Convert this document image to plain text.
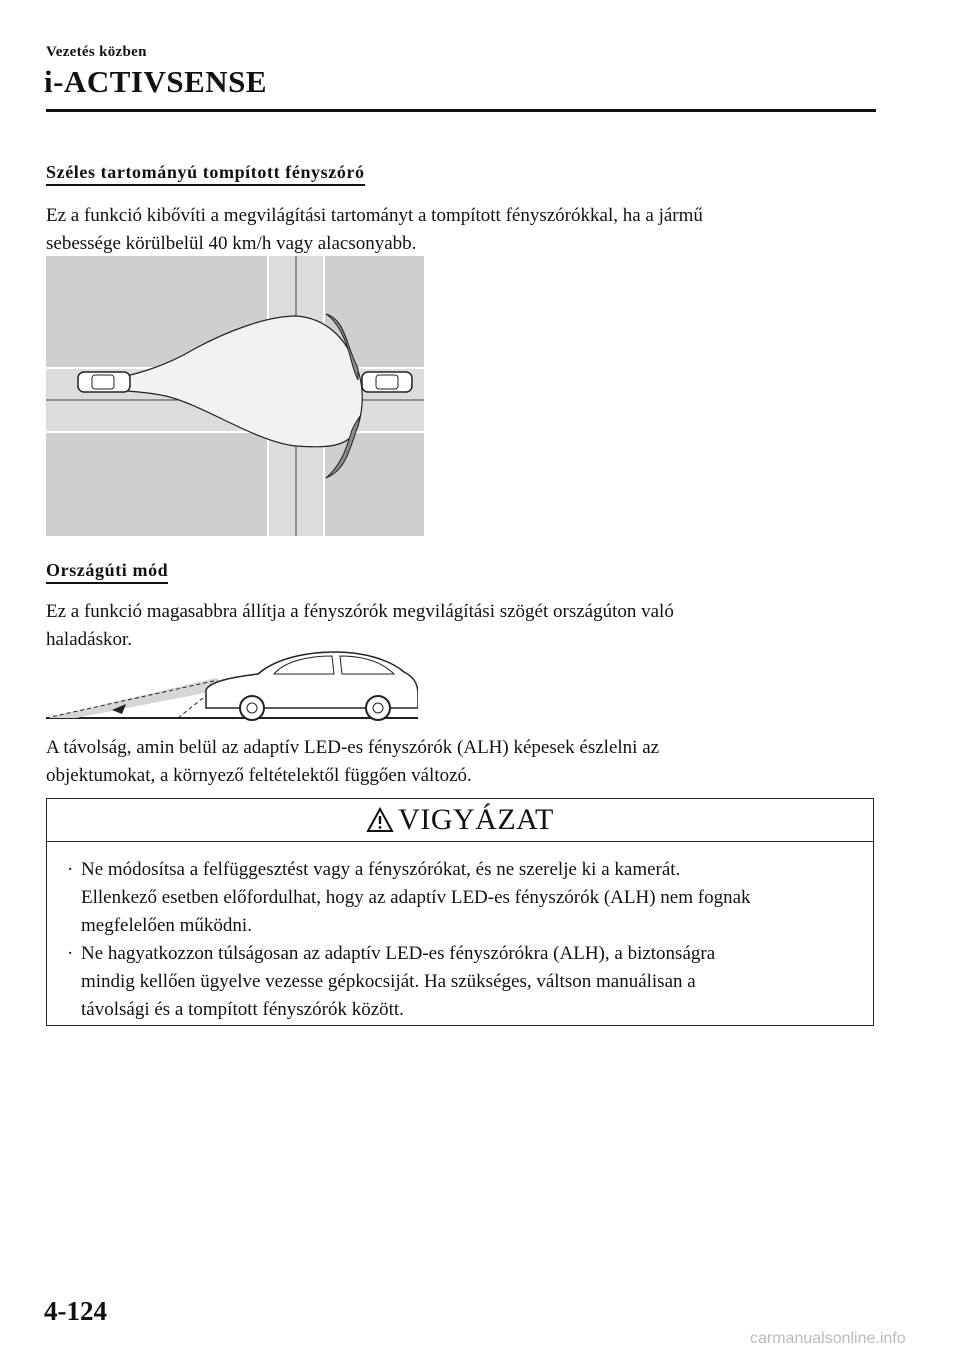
Vezetés közben
i-ACTIVSENSE
Széles tartományú tompított fényszóró
Ez a funkció kibővíti a megvilágítási tartományt a tompított fényszórókkal, ha a jármű
sebessége körülbelül 40 km/h vagy alacsonyabb.
Országúti mód
Ez a funkció magasabbra állítja a fényszórók megvilágítási szögét országúton való
haladáskor.
A távolság, amin belül az adaptív LED-es fényszórók (ALH) képesek észlelni az
objektumokat, a környező feltételektől függően változó.
VIGYÁZAT
· Ne módosítsa a felfüggesztést vagy a fényszórókat, és ne szerelje ki a kamerát.
Ellenkező esetben előfordulhat, hogy az adaptív LED-es fényszórók (ALH) nem fognak
megfelelően működni.
· Ne hagyatkozzon túlságosan az adaptív LED-es fényszórókra (ALH), a biztonságra
mindig kellően ügyelve vezesse gépkocsiját. Ha szükséges, váltson manuálisan a
távolsági és a tompított fényszórók között.
4-124
carmanualsonline.info
